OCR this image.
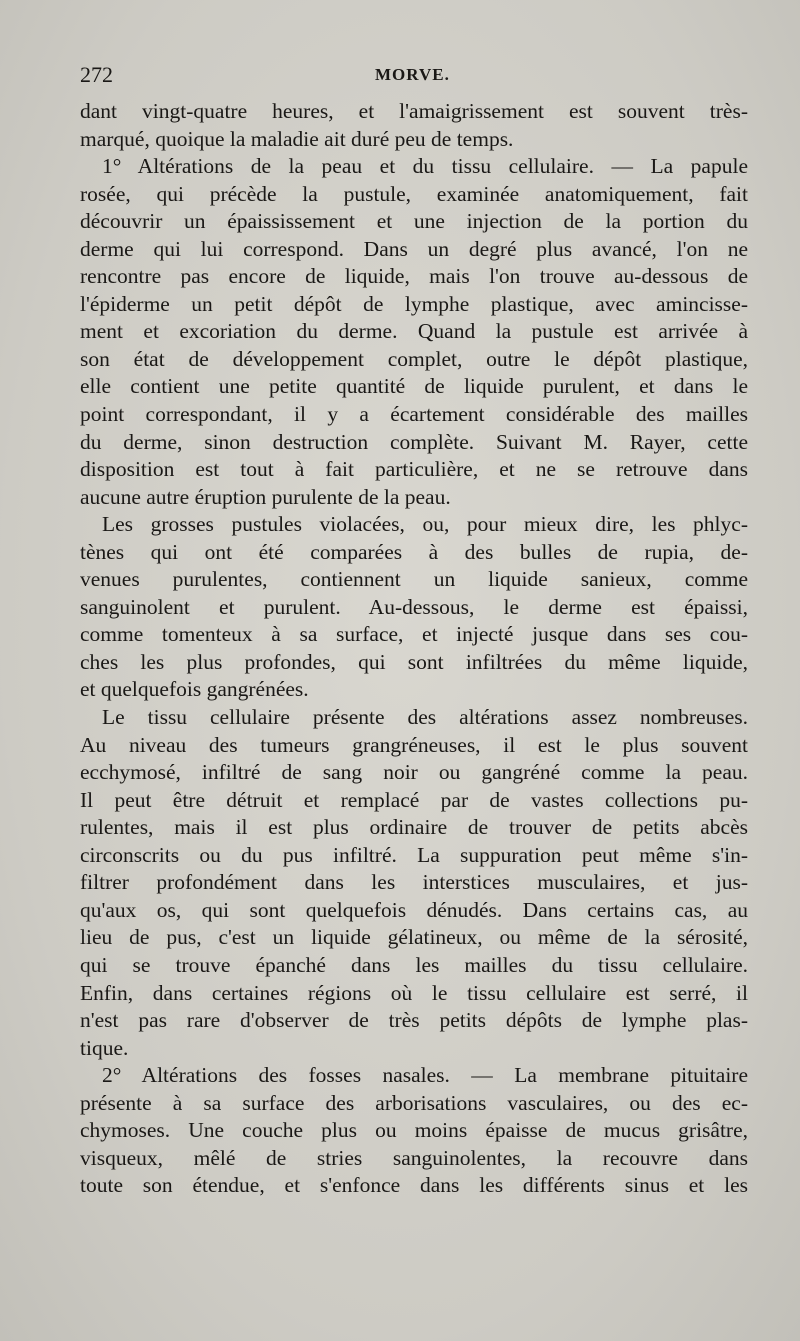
272	MORVE.
dant vingt-quatre heures, et l'amaigrissement est souvent très-
marqué, quoique la maladie ait duré peu de temps.
1° Altérations de la peau et du tissu cellulaire. — La papule
rosée, qui précède la pustule, examinée anatomiquement, fait
découvrir un épaississement et une injection de la portion du
derme qui lui correspond. Dans un degré plus avancé, l'on ne
rencontre pas encore de liquide, mais l'on trouve au-dessous de
l'épiderme un petit dépôt de lymphe plastique, avec amincisse-
ment et excoriation du derme. Quand la pustule est arrivée à
son état de développement complet, outre le dépôt plastique,
elle contient une petite quantité de liquide purulent, et dans le
point correspondant, il y a écartement considérable des mailles
du derme, sinon destruction complète. Suivant M. Rayer, cette
disposition est tout à fait particulière, et ne se retrouve dans
aucune autre éruption purulente de la peau.
Les grosses pustules violacées, ou, pour mieux dire, les phlyc-
tènes qui ont été comparées à des bulles de rupia, de-
venues purulentes, contiennent un liquide sanieux, comme
sanguinolent et purulent. Au-dessous, le derme est épaissi,
comme tomenteux à sa surface, et injecté jusque dans ses cou-
ches les plus profondes, qui sont infiltrées du même liquide,
et quelquefois gangrénées.
Le tissu cellulaire présente des altérations assez nombreuses.
Au niveau des tumeurs grangréneuses, il est le plus souvent
ecchymosé, infiltré de sang noir ou gangréné comme la peau.
Il peut être détruit et remplacé par de vastes collections pu-
rulentes, mais il est plus ordinaire de trouver de petits abcès
circonscrits ou du pus infiltré. La suppuration peut même s'in-
filtrer profondément dans les interstices musculaires, et jus-
qu'aux os, qui sont quelquefois dénudés. Dans certains cas, au
lieu de pus, c'est un liquide gélatineux, ou même de la sérosité,
qui se trouve épanché dans les mailles du tissu cellulaire.
Enfin, dans certaines régions où le tissu cellulaire est serré, il
n'est pas rare d'observer de très petits dépôts de lymphe plas-
tique.
2° Altérations des fosses nasales. — La membrane pituitaire
présente à sa surface des arborisations vasculaires, ou des ec-
chymoses. Une couche plus ou moins épaisse de mucus grisâtre,
visqueux, mêlé de stries sanguinolentes, la recouvre dans
toute son étendue, et s'enfonce dans les différents sinus et les
